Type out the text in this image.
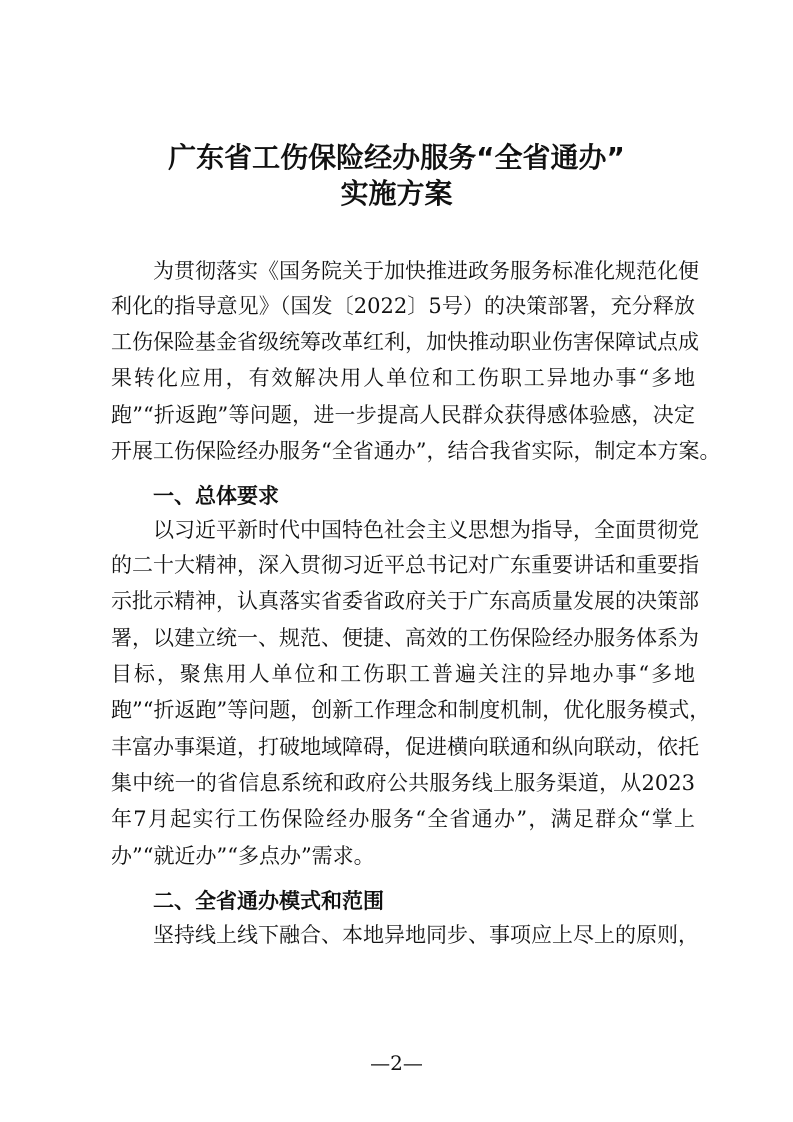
广东省工伤保险经办服务“全省通办”
实施方案
为贯彻落实《国务院关于加快推进政务服务标准化规范化便
利化的指导意见》（国发〔2022〕5号）的决策部署，充分释放
工伤保险基金省级统筹改革红利，加快推动职业伤害保障试点成
果转化应用，有效解决用人单位和工伤职工异地办事“多地
跑”“折返跑”等问题，进一步提高人民群众获得感体验感，决定
开展工伤保险经办服务“全省通办”，结合我省实际，制定本方案。
一、总体要求
以习近平新时代中国特色社会主义思想为指导，全面贯彻党
的二十大精神，深入贯彻习近平总书记对广东重要讲话和重要指
示批示精神，认真落实省委省政府关于广东高质量发展的决策部
署，以建立统一、规范、便捷、高效的工伤保险经办服务体系为
目标，聚焦用人单位和工伤职工普遍关注的异地办事“多地
跑”“折返跑”等问题，创新工作理念和制度机制，优化服务模式，
丰富办事渠道，打破地域障碍，促进横向联通和纵向联动，依托
集中统一的省信息系统和政府公共服务线上服务渠道，从2023
年7月起实行工伤保险经办服务“全省通办”，满足群众“掌上
办”“就近办”“多点办”需求。
二、全省通办模式和范围
坚持线上线下融合、本地异地同步、事项应上尽上的原则，
—2—
